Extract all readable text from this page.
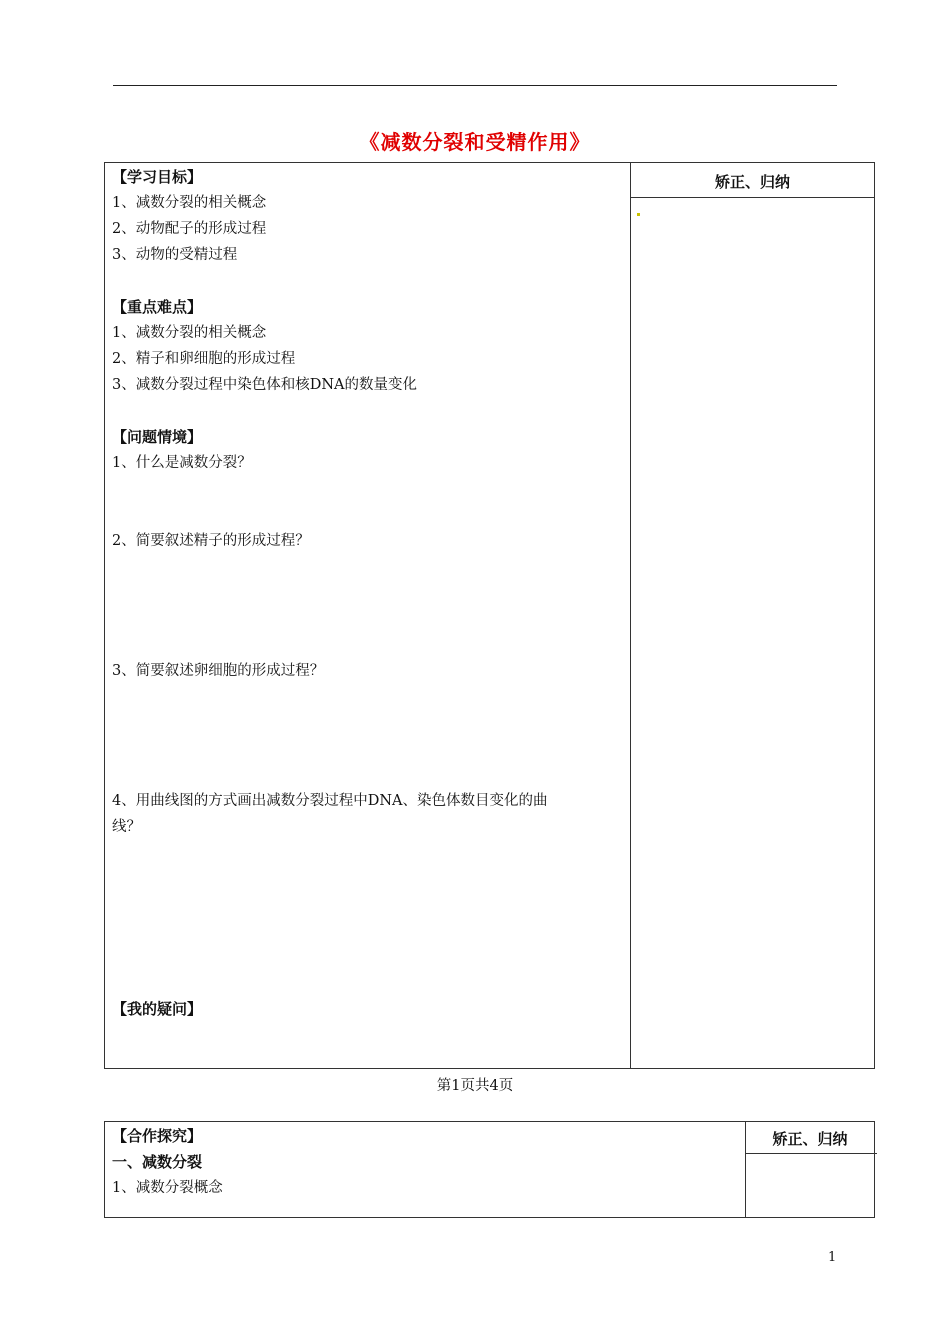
《减数分裂和受精作用》
矫正、归纳
【学习目标】
1、减数分裂的相关概念
2、动物配子的形成过程
3、动物的受精过程
【重点难点】
1、减数分裂的相关概念
2、精子和卵细胞的形成过程
3、减数分裂过程中染色体和核DNA的数量变化
【问题情境】
1、什么是减数分裂？
2、简要叙述精子的形成过程？
3、简要叙述卵细胞的形成过程？
4、用曲线图的方式画出减数分裂过程中DNA、染色体数目变化的曲
线？
【我的疑问】
第1页共4页
矫正、归纳
【合作探究】
一、减数分裂
1、减数分裂概念
1
